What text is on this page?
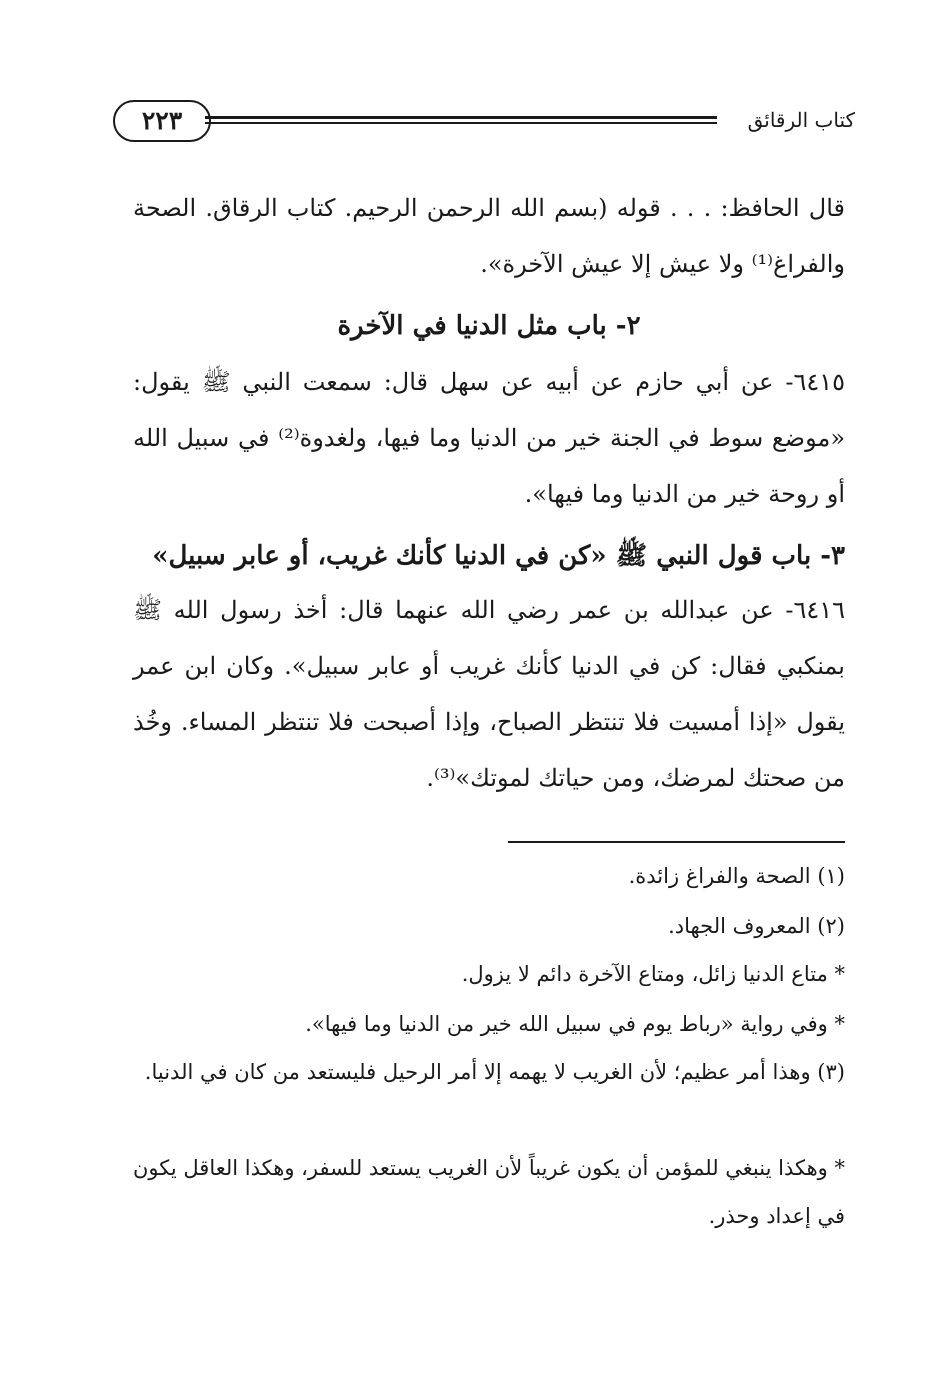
كتاب الرقائق
٢٢٣
قال الحافظ: . . . قوله (بسم الله الرحمن الرحيم. كتاب الرقاق. الصحة والفراغ⁽¹⁾ ولا عيش إلا عيش الآخرة».
٢- باب مثل الدنيا في الآخرة
٦٤١٥- عن أبي حازم عن أبيه عن سهل قال: سمعت النبي ﷺ يقول: «موضع سوط في الجنة خير من الدنيا وما فيها، ولغدوة⁽²⁾ في سبيل الله أو روحة خير من الدنيا وما فيها».
٣- باب قول النبي ﷺ «كن في الدنيا كأنك غريب، أو عابر سبيل»
٦٤١٦- عن عبدالله بن عمر رضي الله عنهما قال: أخذ رسول الله ﷺ بمنكبي فقال: كن في الدنيا كأنك غريب أو عابر سبيل». وكان ابن عمر يقول «إذا أمسيت فلا تنتظر الصباح، وإذا أصبحت فلا تنتظر المساء. وخُذ من صحتك لمرضك، ومن حياتك لموتك»⁽³⁾.
(١) الصحة والفراغ زائدة.
(٢) المعروف الجهاد.
* متاع الدنيا زائل، ومتاع الآخرة دائم لا يزول.
* وفي رواية «رباط يوم في سبيل الله خير من الدنيا وما فيها».
(٣) وهذا أمر عظيم؛ لأن الغريب لا يهمه إلا أمر الرحيل فليستعد من كان في الدنيا.
* وهكذا ينبغي للمؤمن أن يكون غريباً لأن الغريب يستعد للسفر، وهكذا العاقل يكون في إعداد وحذر.
